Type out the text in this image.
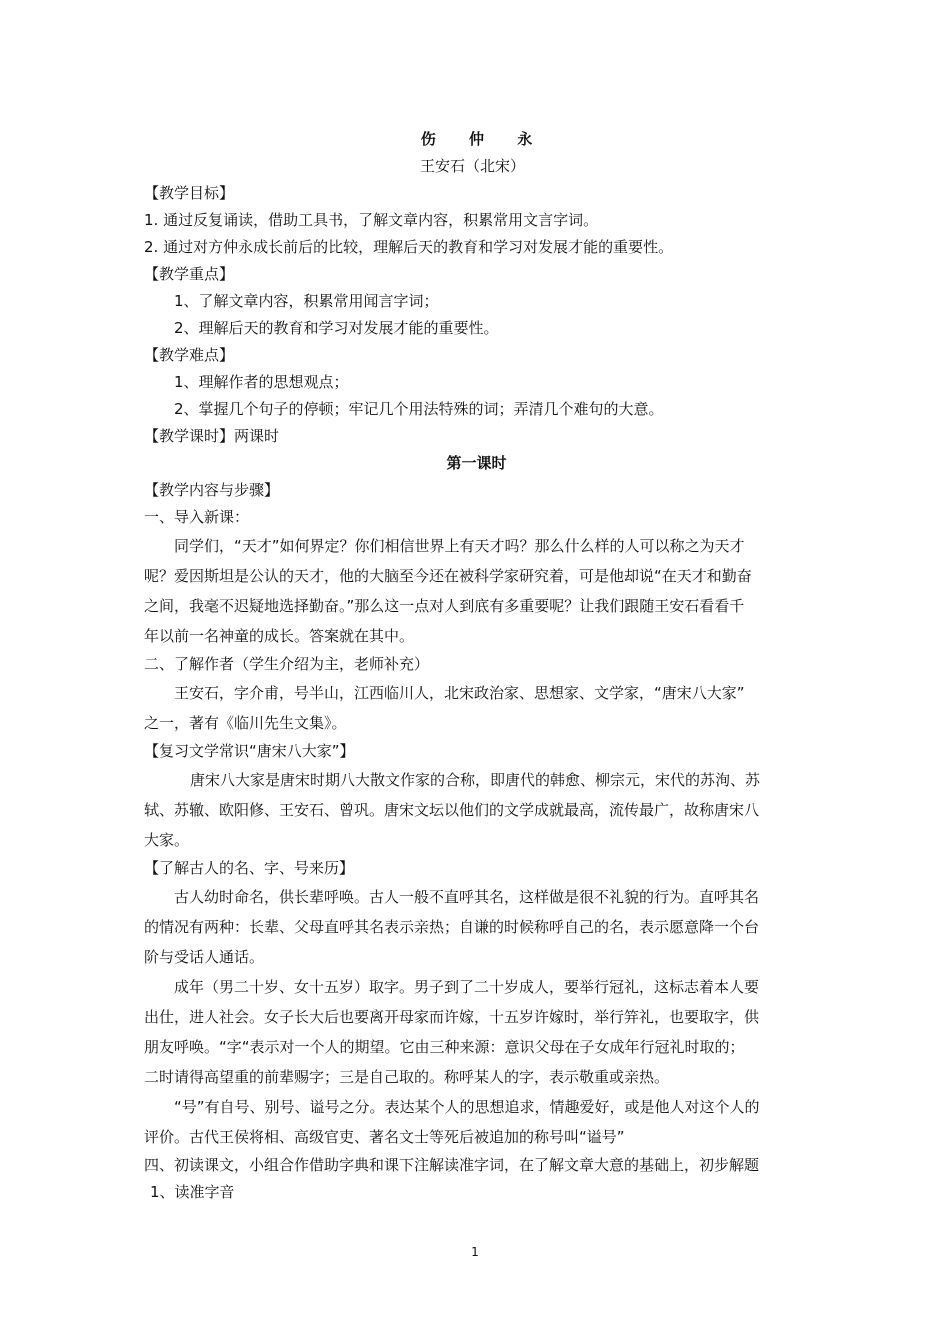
伤 仲 永
王安石（北宋）
【教学目标】
1. 通过反复诵读，借助工具书，了解文章内容，积累常用文言字词。
2. 通过对方仲永成长前后的比较，理解后天的教育和学习对发展才能的重要性。
【教学重点】
1、了解文章内容，积累常用闻言字词；
2、理解后天的教育和学习对发展才能的重要性。
【教学难点】
1、理解作者的思想观点；
2、掌握几个句子的停顿；牢记几个用法特殊的词；弄清几个难句的大意。
【教学课时】两课时
第一课时
【教学内容与步骤】
一、导入新课：
同学们，“天才”如何界定？你们相信世界上有天才吗？那么什么样的人可以称之为天才
呢？爱因斯坦是公认的天才，他的大脑至今还在被科学家研究着，可是他却说“在天才和勤奋
之间，我毫不迟疑地选择勤奋。”那么这一点对人到底有多重要呢？让我们跟随王安石看看千
年以前一名神童的成长。答案就在其中。
二、了解作者（学生介绍为主，老师补充）
王安石，字介甫，号半山，江西临川人，北宋政治家、思想家、文学家，“唐宋八大家”
之一，著有《临川先生文集》。
【复习文学常识“唐宋八大家”】
唐宋八大家是唐宋时期八大散文作家的合称，即唐代的韩愈、柳宗元，宋代的苏洵、苏
轼、苏辙、欧阳修、王安石、曾巩。唐宋文坛以他们的文学成就最高，流传最广，故称唐宋八
大家。
【了解古人的名、字、号来历】
古人幼时命名，供长辈呼唤。古人一般不直呼其名，这样做是很不礼貌的行为。直呼其名
的情况有两种：长辈、父母直呼其名表示亲热；自谦的时候称呼自己的名，表示愿意降一个台
阶与受话人通话。
成年（男二十岁、女十五岁）取字。男子到了二十岁成人，要举行冠礼，这标志着本人要
出仕，进人社会。女子长大后也要离开母家而许嫁，十五岁许嫁时，举行笄礼，也要取字，供
朋友呼唤。“字“表示对一个人的期望。它由三种来源：意识父母在子女成年行冠礼时取的；
二时请得高望重的前辈赐字；三是自己取的。称呼某人的字，表示敬重或亲热。
“号”有自号、别号、谥号之分。表达某个人的思想追求，情趣爱好，或是他人对这个人的
评价。古代王侯将相、高级官吏、著名文士等死后被追加的称号叫“谥号”
四、初读课文，小组合作借助字典和课下注解读准字词，在了解文章大意的基础上，初步解题
1、读准字音
1
